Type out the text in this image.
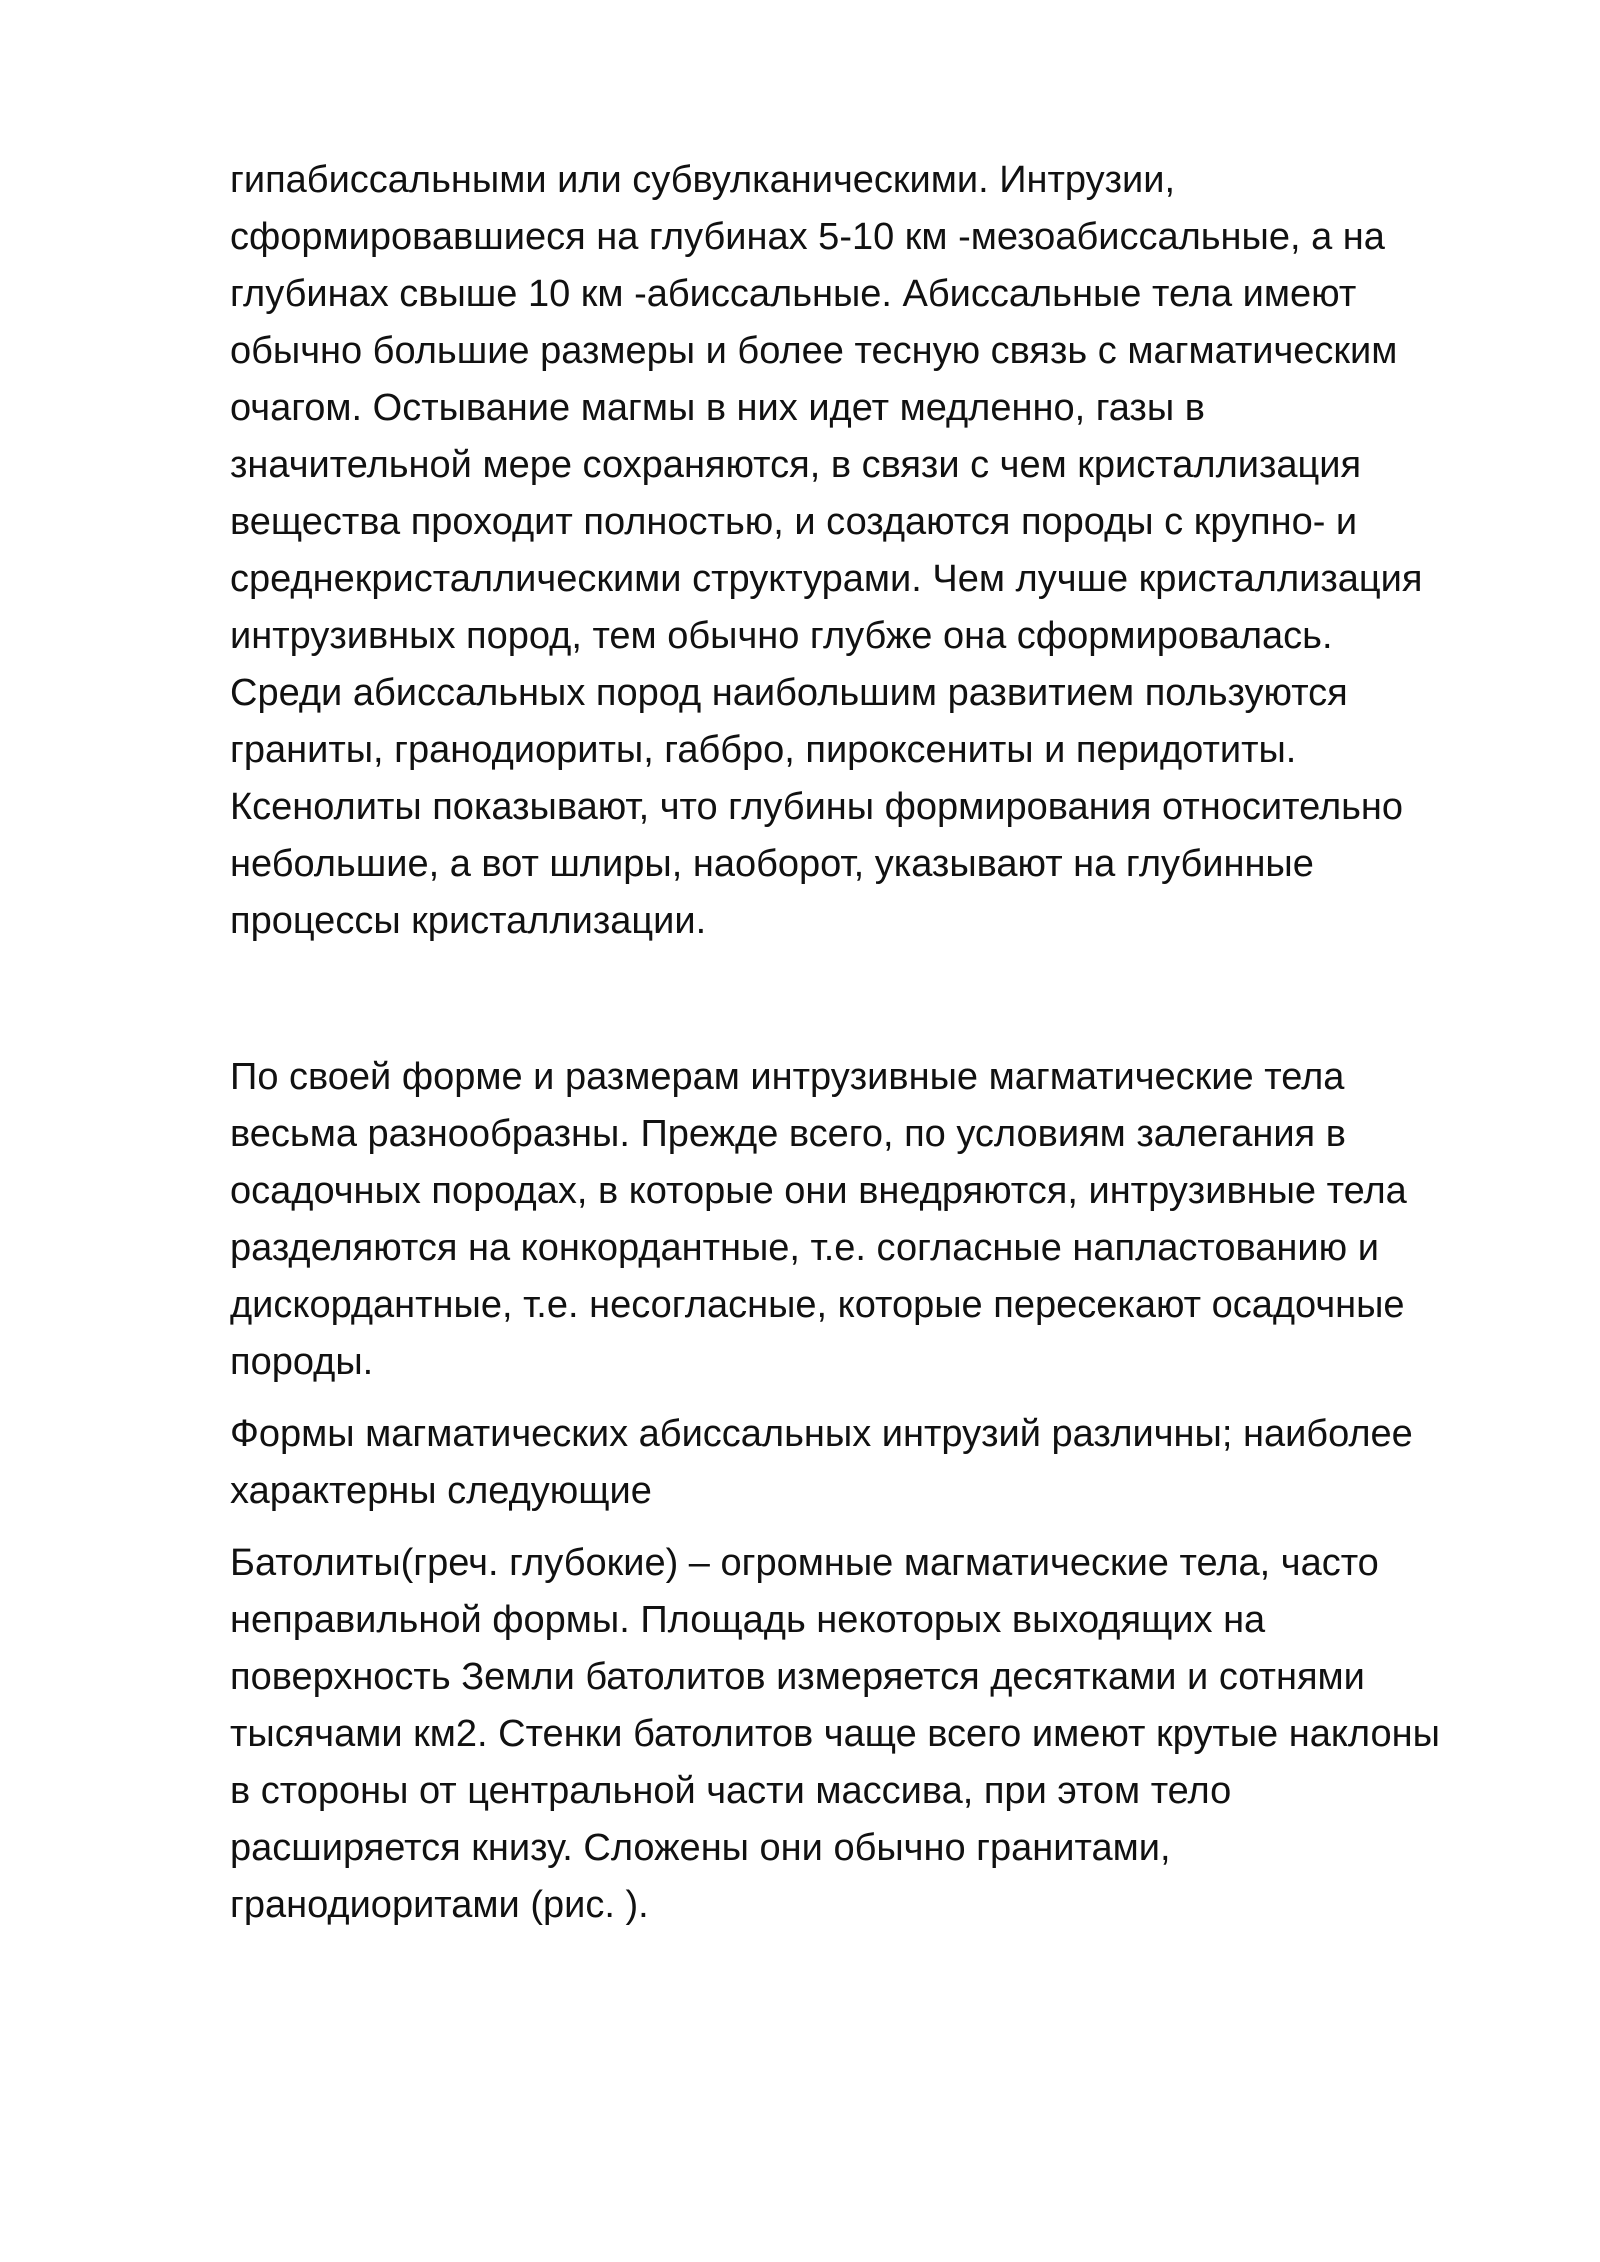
гипабиссальными или субвулканическими. Интрузии,
сформировавшиеся на глубинах 5-10 км -мезоабиссальные, а на
глубинах свыше 10 км -абиссальные. Абиссальные тела имеют
обычно большие размеры и более тесную связь с магматическим
очагом. Остывание магмы в них идет медленно, газы в
значительной мере сохраняются, в связи с чем кристаллизация
вещества проходит полностью, и создаются породы с крупно- и
среднекристаллическими структурами. Чем лучше кристаллизация
интрузивных пород, тем обычно глубже она сформировалась.
Среди абиссальных пород наибольшим развитием пользуются
граниты, гранодиориты, габбро, пироксениты и перидотиты.
Ксенолиты показывают, что глубины формирования относительно
небольшие, а вот шлиры, наоборот, указывают на глубинные
процессы кристаллизации.

По своей форме и размерам интрузивные магматические тела
весьма разнообразны. Прежде всего, по условиям залегания в
осадочных породах, в которые они внедряются, интрузивные тела
разделяются на конкордантные, т.е. согласные напластованию и
дискордантные, т.е. несогласные, которые пересекают осадочные
породы.

Формы магматических абиссальных интрузий различны; наиболее
характерны следующие

Батолиты(греч. глубокие) – огромные магматические тела, часто
неправильной формы. Площадь некоторых выходящих на
поверхность Земли батолитов измеряется десятками и сотнями
тысячами км2. Стенки батолитов чаще всего имеют крутые наклоны
в стороны от центральной части массива, при этом тело
расширяется книзу. Сложены они обычно гранитами,
гранодиоритами (рис. ).
